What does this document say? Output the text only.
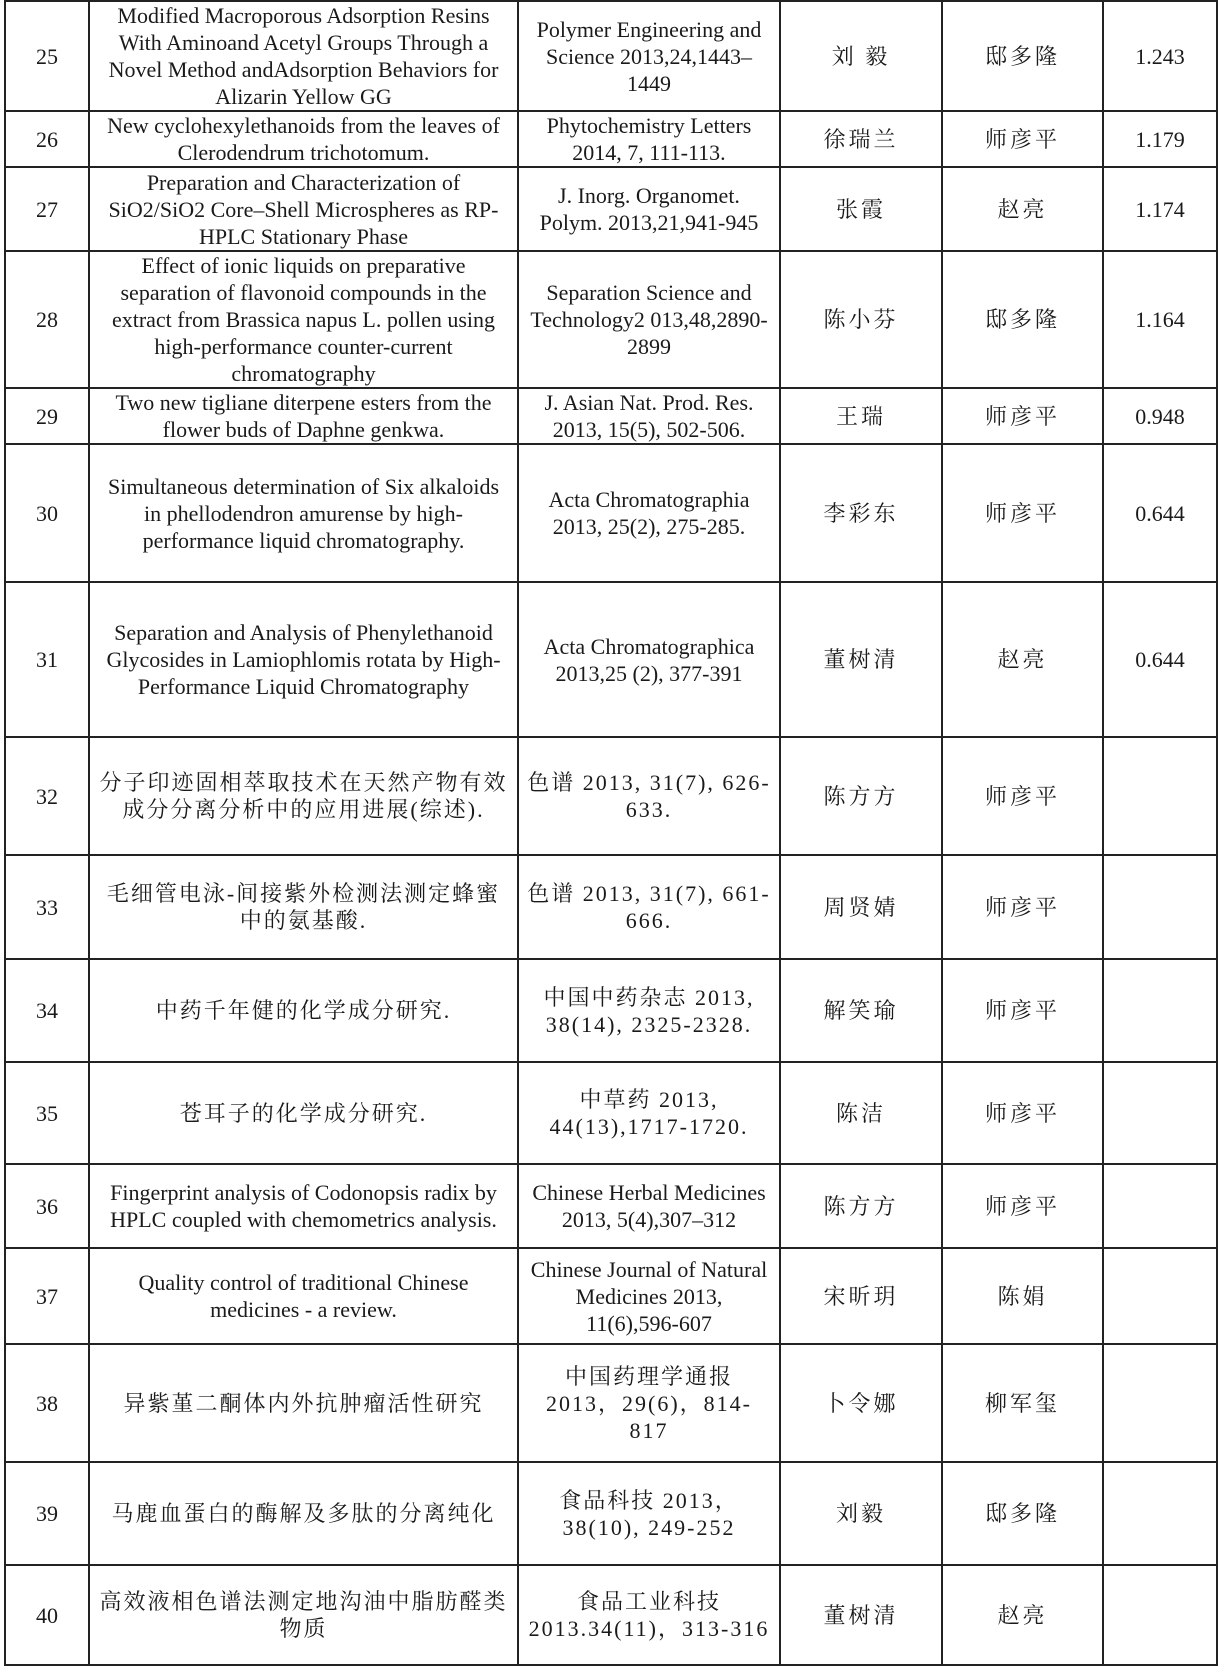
25	Modified Macroporous Adsorption Resins With Aminoand Acetyl Groups Through a Novel Method andAdsorption Behaviors for Alizarin Yellow GG	Polymer Engineering and Science 2013,24,1443–1449	刘 毅	邸多隆	1.243
26	New cyclohexylethanoids from the leaves of Clerodendrum trichotomum.	Phytochemistry Letters 2014, 7, 111-113.	徐瑞兰	师彦平	1.179
27	Preparation and Characterization of SiO2/SiO2 Core–Shell Microspheres as RP-HPLC Stationary Phase	J. Inorg. Organomet. Polym. 2013,21,941-945	张霞	赵亮	1.174
28	Effect of ionic liquids on preparative separation of flavonoid compounds in the extract from Brassica napus L. pollen using high-performance counter-current chromatography	Separation Science and Technology2 013,48,2890-2899	陈小芬	邸多隆	1.164
29	Two new tigliane diterpene esters from the flower buds of Daphne genkwa.	J. Asian Nat. Prod. Res. 2013, 15(5), 502-506.	王瑞	师彦平	0.948
30	Simultaneous determination of Six alkaloids in phellodendron amurense by high-performance liquid chromatography.	Acta Chromatographia 2013, 25(2), 275-285.	李彩东	师彦平	0.644
31	Separation and Analysis of Phenylethanoid Glycosides in Lamiophlomis rotata by High-Performance Liquid Chromatography	Acta Chromatographica 2013,25 (2), 377-391	董树清	赵亮	0.644
32	分子印迹固相萃取技术在天然产物有效成分分离分析中的应用进展(综述).	色谱 2013, 31(7), 626-633.	陈方方	师彦平	
33	毛细管电泳-间接紫外检测法测定蜂蜜中的氨基酸.	色谱 2013, 31(7), 661-666.	周贤婧	师彦平	
34	中药千年健的化学成分研究.	中国中药杂志 2013, 38(14), 2325-2328.	解笑瑜	师彦平	
35	苍耳子的化学成分研究.	中草药 2013, 44(13),1717-1720.	陈洁	师彦平	
36	Fingerprint analysis of Codonopsis radix by HPLC coupled with chemometrics analysis.	Chinese Herbal Medicines 2013, 5(4),307–312	陈方方	师彦平	
37	Quality control of traditional Chinese medicines - a review.	Chinese Journal of Natural Medicines 2013, 11(6),596-607	宋昕玥	陈娟	
38	异紫堇二酮体内外抗肿瘤活性研究	中国药理学通报 2013，29(6)，814-817	卜令娜	柳军玺	
39	马鹿血蛋白的酶解及多肽的分离纯化	食品科技 2013，38(10), 249-252	刘毅	邸多隆	
40	高效液相色谱法测定地沟油中脂肪醛类物质	食品工业科技 2013.34(11)，313-316	董树清	赵亮	
